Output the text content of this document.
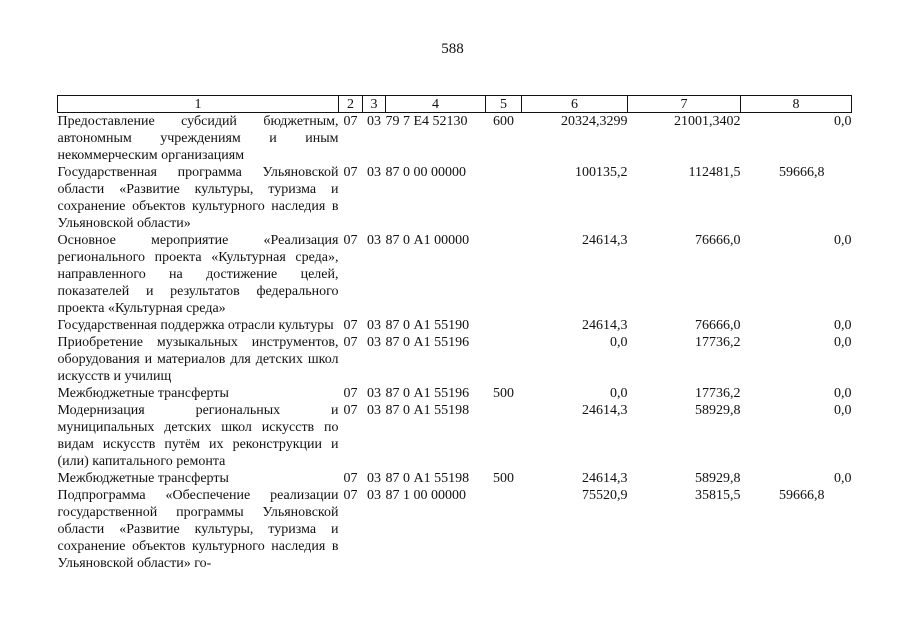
588
1	2	3	4	5	6	7	8
Предоставление субсидий бюджетным, автономным учреждениям и иным некоммерческим организациям	07	03	79 7 Е4 52130	600	20324,3299	21001,3402	0,0
Государственная программа Ульяновской области «Развитие культуры, туризма и сохранение объектов культурного наследия в Ульяновской области»	07	03	87 0 00 00000		100135,2	112481,5	59666,8
Основное мероприятие «Реализация регионального проекта «Культурная среда», направленного на достижение целей, показателей и результатов федерального проекта «Культурная среда»	07	03	87 0 А1 00000		24614,3	76666,0	0,0
Государственная поддержка отрасли культуры	07	03	87 0 А1 55190		24614,3	76666,0	0,0
Приобретение музыкальных инструментов, оборудования и материалов для детских школ искусств и училищ	07	03	87 0 А1 55196		0,0	17736,2	0,0
Межбюджетные трансферты	07	03	87 0 А1 55196	500	0,0	17736,2	0,0
Модернизация региональных и муниципальных детских школ искусств по видам искусств путём их реконструкции и (или) капитального ремонта	07	03	87 0 А1 55198		24614,3	58929,8	0,0
Межбюджетные трансферты	07	03	87 0 А1 55198	500	24614,3	58929,8	0,0
Подпрограмма «Обеспечение реализации государственной программы Ульяновской области «Развитие культуры, туризма и сохранение объектов культурного наследия в Ульяновской области» го-	07	03	87 1 00 00000		75520,9	35815,5	59666,8
